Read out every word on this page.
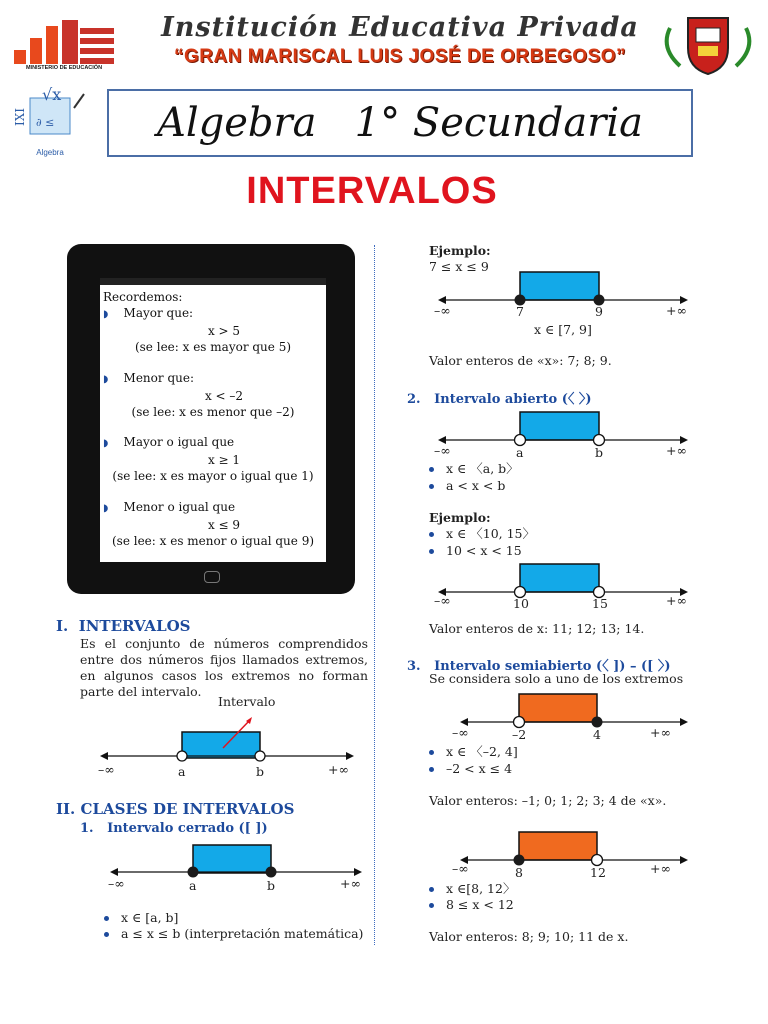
MINISTERIO DE EDUCACIÓN
Institución Educativa Privada
“GRAN MARISCAL LUIS JOSÉ DE ORBEGOSO”
√x
IXI ∂ ≤
Algebra
Algebra   1° Secundaria
INTERVALOS
Recordemos:
◗ Mayor que:
x > 5
(se lee: x es mayor que 5)
◗ Menor que:
x < –2
(se lee: x es menor que –2)
◗ Mayor o igual que
x ≥ 1
(se lee: x es mayor o igual que 1)
◗ Menor o igual que
x ≤ 9
(se lee: x es menor o igual que 9)
I. INTERVALOS
Es el conjunto de números comprendidos entre dos números fijos llamados extremos, en algunos casos los extremos no forman parte del intervalo.
Intervalo
–∞	a	b	+∞
II. CLASES DE INTERVALOS
1.   Intervalo cerrado ([ ])
–∞	a	b	+∞
x ∈ [a, b]
a ≤ x ≤ b (interpretación matemática)
Ejemplo:
7 ≤ x ≤ 9
–∞	7	9	+∞
x ∈ [7, 9]
Valor enteros de «x»: 7; 8; 9.
2. Intervalo abierto (〈 〉)
–∞	a	b	+∞
x ∈ 〈a, b〉
a < x < b
Ejemplo:
x ∈ 〈10, 15〉
10 < x < 15
–∞	10	15	+∞
Valor enteros de x: 11; 12; 13; 14.
3. Intervalo semiabierto (〈 ]) – ([ 〉)
Se considera solo a uno de los extremos
–∞	–2	4	+∞
x ∈ 〈–2, 4]
–2 < x ≤ 4
Valor enteros: –1; 0; 1; 2; 3; 4 de «x».
–∞	8	12	+∞
x ∈[8, 12〉
8 ≤ x < 12
Valor enteros: 8; 9; 10; 11 de x.
